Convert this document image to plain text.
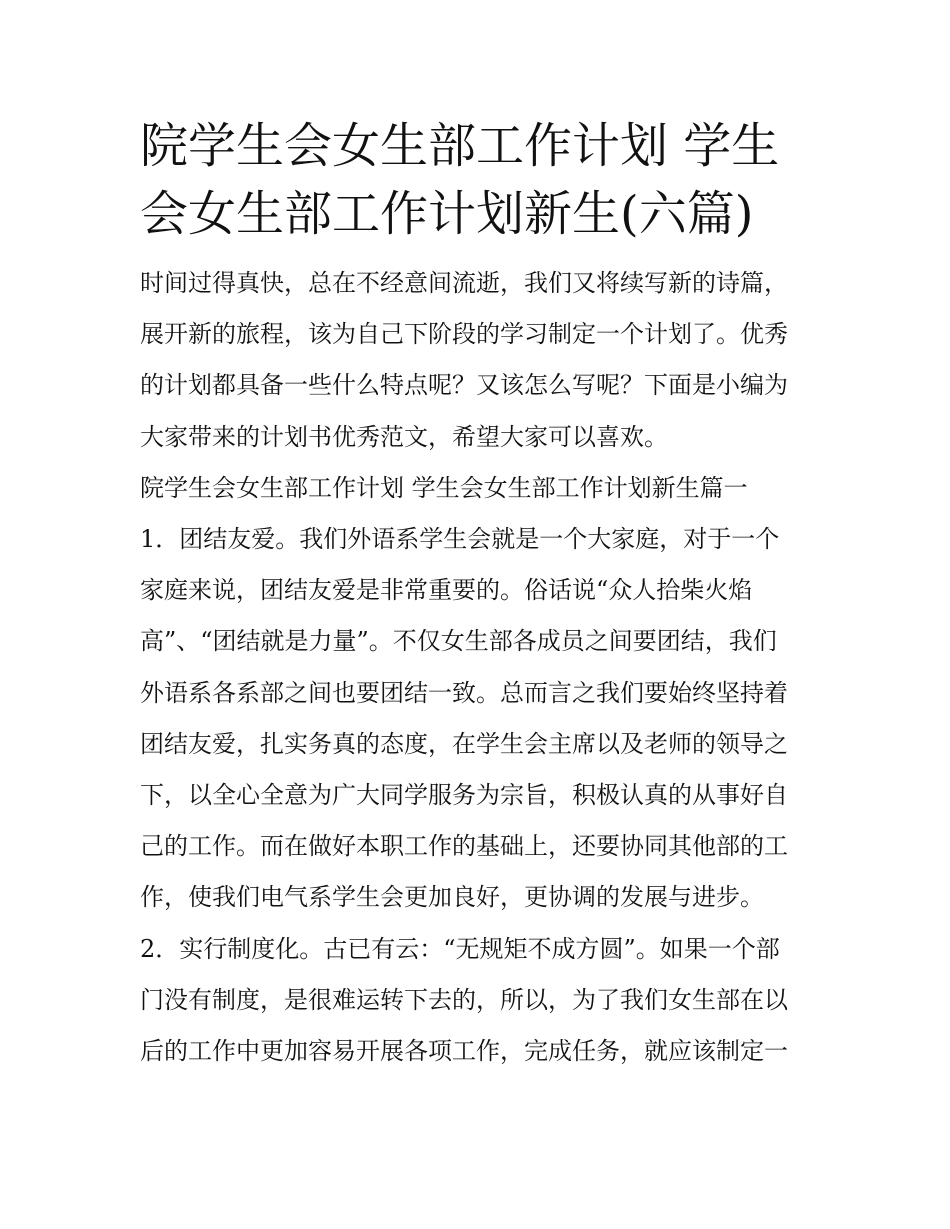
院学生会女生部工作计划 学生
会女生部工作计划新生(六篇)

时间过得真快，总在不经意间流逝，我们又将续写新的诗篇，

展开新的旅程，该为自己下阶段的学习制定一个计划了。优秀

的计划都具备一些什么特点呢？又该怎么写呢？下面是小编为

大家带来的计划书优秀范文，希望大家可以喜欢。

院学生会女生部工作计划 学生会女生部工作计划新生篇一

1．团结友爱。我们外语系学生会就是一个大家庭，对于一个

家庭来说，团结友爱是非常重要的。俗话说“众人拾柴火焰

高”、“团结就是力量”。不仅女生部各成员之间要团结，我们

外语系各系部之间也要团结一致。总而言之我们要始终坚持着

团结友爱，扎实务真的态度，在学生会主席以及老师的领导之

下，以全心全意为广大同学服务为宗旨，积极认真的从事好自

己的工作。而在做好本职工作的基础上，还要协同其他部的工

作，使我们电气系学生会更加良好，更协调的发展与进步。

2．实行制度化。古已有云：“无规矩不成方圆”。如果一个部

门没有制度，是很难运转下去的，所以，为了我们女生部在以

后的工作中更加容易开展各项工作，完成任务，就应该制定一
